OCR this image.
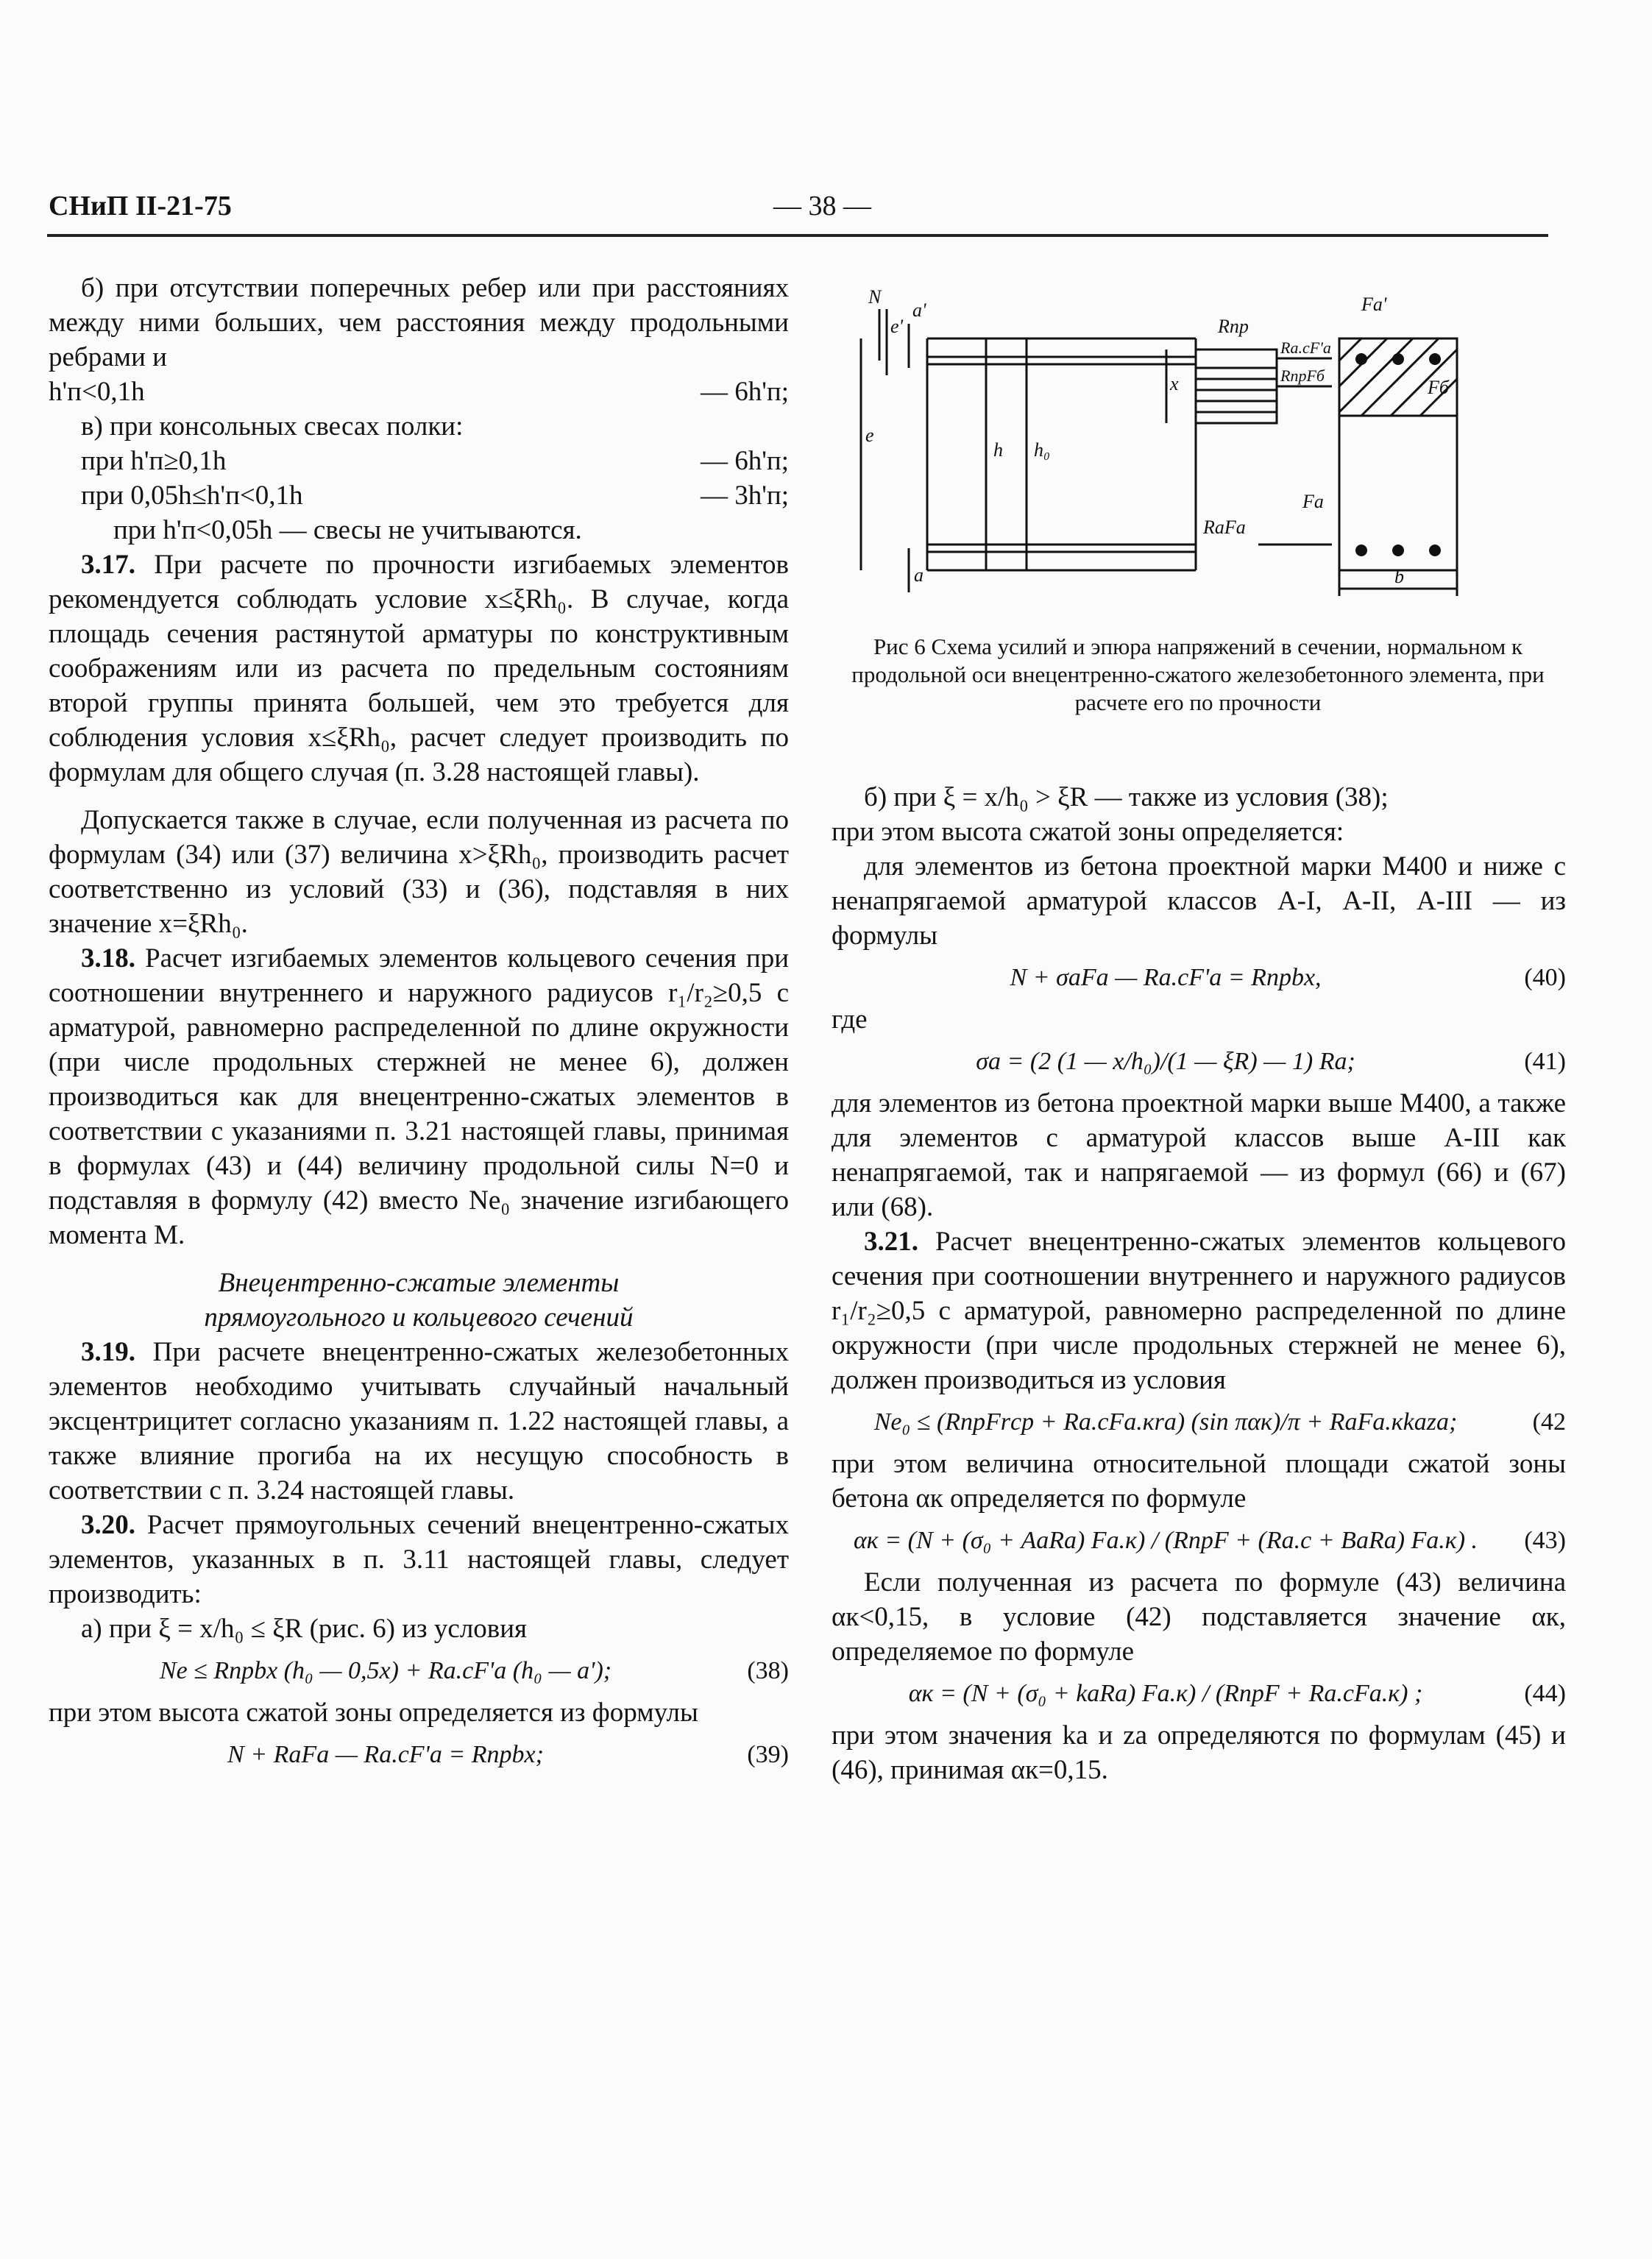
СНиП II-21-75	— 38 —

б) при отсутствии поперечных ребер или при расстояниях между ними больших, чем расстояния между продольными ребрами и

h'п<0,1h	— 6h'п;

в) при консольных свесах полки:

при h'п≥0,1h	— 6h'п;
при 0,05h≤h'п<0,1h	— 3h'п;

при h'п<0,05h — свесы не учитываются.

3.17. При расчете по прочности изгибаемых элементов рекомендуется соблюдать условие x≤ξRh₀. В случае, когда площадь сечения растянутой арматуры по конструктивным соображениям или из расчета по предельным состояниям второй группы принята большей, чем это требуется для соблюдения условия x≤ξRh₀, расчет следует производить по формулам для общего случая (п. 3.28 настоящей главы).

Допускается также в случае, если полученная из расчета по формулам (34) или (37) величина x>ξRh₀, производить расчет соответственно из условий (33) и (36), подставляя в них значение x=ξRh₀.

3.18. Расчет изгибаемых элементов кольцевого сечения при соотношении внутреннего и наружного радиусов r₁/r₂≥0,5 с арматурой, равномерно распределенной по длине окружности (при числе продольных стержней не менее 6), должен производиться как для внецентренно-сжатых элементов в соответствии с указаниями п. 3.21 настоящей главы, принимая в формулах (43) и (44) величину продольной силы N=0 и подставляя в формулу (42) вместо Ne₀ значение изгибающего момента M.

Внецентренно-сжатые элементы

прямоугольного и кольцевого сечений

3.19. При расчете внецентренно-сжатых железобетонных элементов необходимо учитывать случайный начальный эксцентрицитет согласно указаниям п. 1.22 настоящей главы, а также влияние прогиба на их несущую способность в соответствии с п. 3.24 настоящей главы.

3.20. Расчет прямоугольных сечений внецентренно-сжатых элементов, указанных в п. 3.11 настоящей главы, следует производить:

а) при ξ = x/h₀ ≤ ξR (рис. 6) из условия

Ne ≤ Rпрbx (h₀ — 0,5x) + Rа.сF'а (h₀ — a');	(38)

при этом высота сжатой зоны определяется из формулы

N + RаFа — Rа.сF'а = Rпрbx;	(39)
N
e'
a'
Rпр
Rа.сF'а
RпрFб
Fа'
x
e
h h₀
Fб
RаFа
Fа
a	b
Рис 6 Схема усилий и эпюра напряжений в сечении, нормальном к продольной оси внецентренно-сжатого железобетонного элемента, при расчете его по прочности

б) при ξ = x/h₀ > ξR — также из условия (38);

при этом высота сжатой зоны определяется:

для элементов из бетона проектной марки М400 и ниже с ненапрягаемой арматурой классов А-I, А-II, А-III — из формулы

N + σаFа — Rа.сF'а = Rпрbx,	(40)

где

σа = (2 (1 — x/h₀)/(1 — ξR) — 1) Rа;	(41)

для элементов из бетона проектной марки выше М400, а также для элементов с арматурой классов выше А-III как ненапрягаемой, так и напрягаемой — из формул (66) и (67) или (68).

3.21. Расчет внецентренно-сжатых элементов кольцевого сечения при соотношении внутреннего и наружного радиусов r₁/r₂≥0,5 с арматурой, равномерно распределенной по длине окружности (при числе продольных стержней не менее 6), должен производиться из условия

Ne₀ ≤ (RпрFrср + Rа.сFа.кrа) (sin παк)/π + RаFа.кkаzа;	(42

при этом величина относительной площади сжатой зоны бетона αк определяется по формуле

αк = (N + (σ₀ + AаRа) Fа.к) / (RпрF + (Rа.с + BаRа) Fа.к) .	(43)

Если полученная из расчета по формуле (43) величина αк<0,15, в условие (42) подставляется значение αк, определяемое по формуле

αк = (N + (σ₀ + kаRа) Fа.к) / (RпрF + Rа.сFа.к) ;	(44)

при этом значения kа и zа определяются по формулам (45) и (46), принимая αк=0,15.
